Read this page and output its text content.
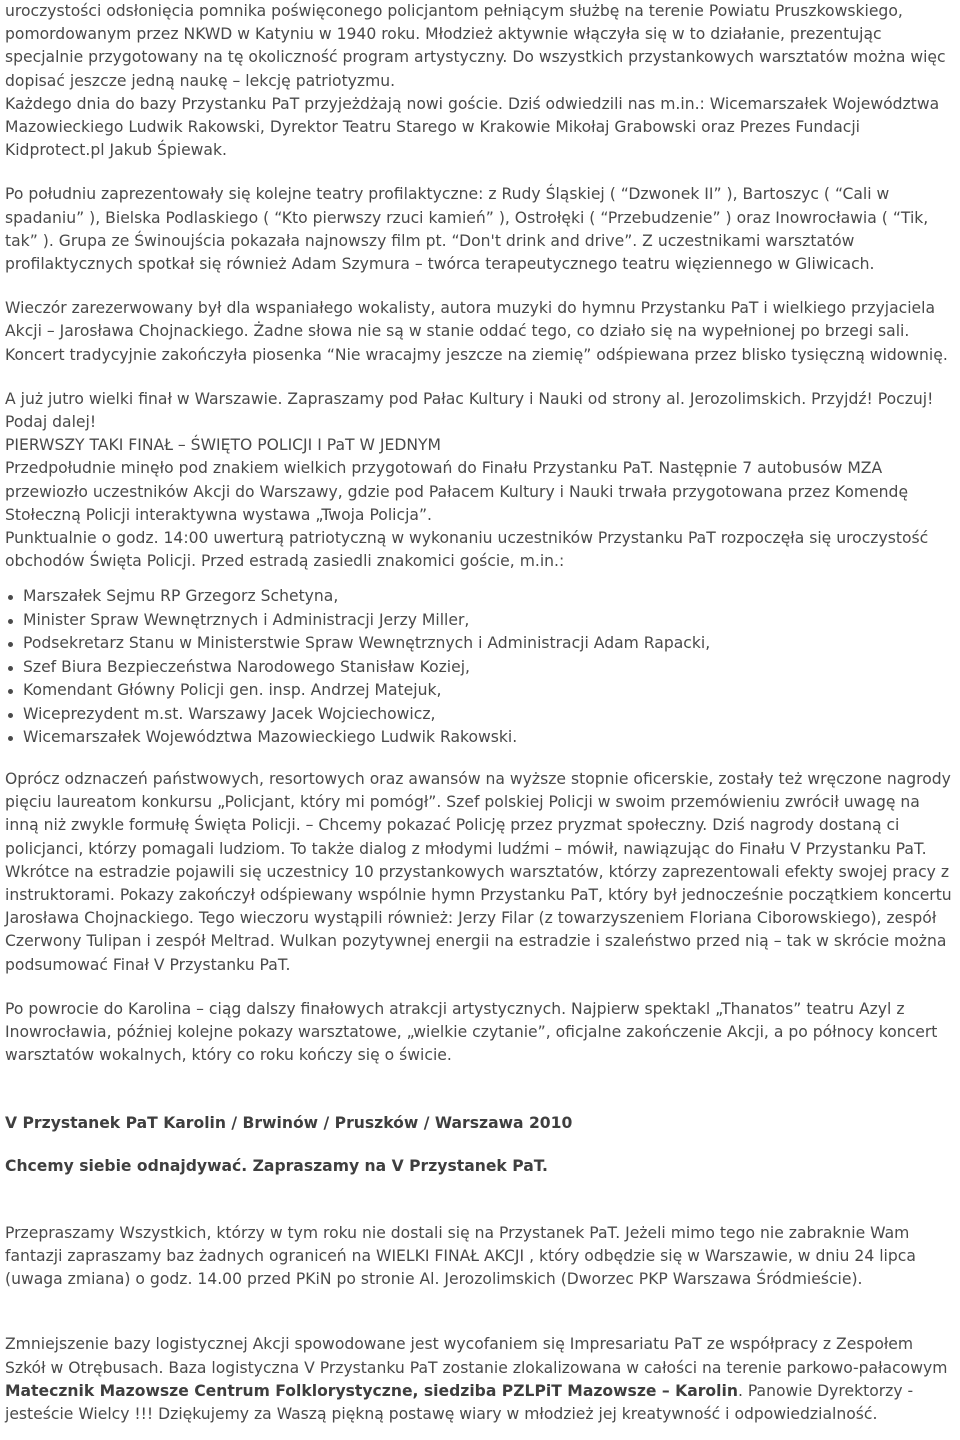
uroczystości odsłonięcia pomnika poświęconego policjantom pełniącym służbę na terenie Powiatu Pruszkowskiego, pomordowanym przez NKWD w Katyniu w 1940 roku. Młodzież aktywnie włączyła się w to działanie, prezentując specjalnie przygotowany na tę okoliczność program artystyczny. Do wszystkich przystankowych warsztatów można więc dopisać jeszcze jedną naukę – lekcję patriotyzmu.

Każdego dnia do bazy Przystanku PaT przyjeżdżają nowi goście. Dziś odwiedzili nas m.in.: Wicemarszałek Województwa Mazowieckiego Ludwik Rakowski, Dyrektor Teatru Starego w Krakowie Mikołaj Grabowski oraz Prezes Fundacji Kidprotect.pl Jakub Śpiewak.

Po południu zaprezentowały się kolejne teatry profilaktyczne: z Rudy Śląskiej ( “Dzwonek II” ), Bartoszyc ( “Cali w spadaniu” ), Bielska Podlaskiego ( “Kto pierwszy rzuci kamień” ), Ostrołęki ( “Przebudzenie” ) oraz Inowrocławia ( “Tik, tak” ). Grupa ze Świnoujścia pokazała najnowszy film pt. “Don't drink and drive”. Z uczestnikami warsztatów profilaktycznych spotkał się również Adam Szymura – twórca terapeutycznego teatru więziennego w Gliwicach.

Wieczór zarezerwowany był dla wspaniałego wokalisty, autora muzyki do hymnu Przystanku PaT i wielkiego przyjaciela Akcji – Jarosława Chojnackiego. Żadne słowa nie są w stanie oddać tego, co działo się na wypełnionej po brzegi sali. Koncert tradycyjnie zakończyła piosenka “Nie wracajmy jeszcze na ziemię” odśpiewana przez blisko tysięczną widownię.

A już jutro wielki finał w Warszawie. Zapraszamy pod Pałac Kultury i Nauki od strony al. Jerozolimskich. Przyjdź! Poczuj! Podaj dalej!

PIERWSZY TAKI FINAŁ – ŚWIĘTO POLICJI I PaT W JEDNYM

Przedpołudnie minęło pod znakiem wielkich przygotowań do Finału Przystanku PaT. Następnie 7 autobusów MZA przewiozło uczestników Akcji do Warszawy, gdzie pod Pałacem Kultury i Nauki trwała przygotowana przez Komendę Stołeczną Policji interaktywna wystawa „Twoja Policja”.

Punktualnie o godz. 14:00 uwerturą patriotyczną w wykonaniu uczestników Przystanku PaT rozpoczęła się uroczystość obchodów Święta Policji. Przed estradą zasiedli znakomici goście, m.in.:

Marszałek Sejmu RP Grzegorz Schetyna,
Minister Spraw Wewnętrznych i Administracji Jerzy Miller,
Podsekretarz Stanu w Ministerstwie Spraw Wewnętrznych i Administracji Adam Rapacki,
Szef Biura Bezpieczeństwa Narodowego Stanisław Koziej,
Komendant Główny Policji gen. insp. Andrzej Matejuk,
Wiceprezydent m.st. Warszawy Jacek Wojciechowicz,
Wicemarszałek Województwa Mazowieckiego Ludwik Rakowski.

Oprócz odznaczeń państwowych, resortowych oraz awansów na wyższe stopnie oficerskie, zostały też wręczone nagrody pięciu laureatom konkursu „Policjant, który mi pomógł”. Szef polskiej Policji w swoim przemówieniu zwrócił uwagę na inną niż zwykle formułę Święta Policji. – Chcemy pokazać Policję przez pryzmat społeczny. Dziś nagrody dostaną ci policjanci, którzy pomagali ludziom. To także dialog z młodymi ludźmi – mówił, nawiązując do Finału V Przystanku PaT. Wkrótce na estradzie pojawili się uczestnicy 10 przystankowych warsztatów, którzy zaprezentowali efekty swojej pracy z instruktorami. Pokazy zakończył odśpiewany wspólnie hymn Przystanku PaT, który był jednocześnie początkiem koncertu Jarosława Chojnackiego. Tego wieczoru wystąpili również: Jerzy Filar (z towarzyszeniem Floriana Ciborowskiego), zespół Czerwony Tulipan i zespół Meltrad. Wulkan pozytywnej energii na estradzie i szaleństwo przed nią – tak w skrócie można podsumować Finał V Przystanku PaT.

Po powrocie do Karolina – ciąg dalszy finałowych atrakcji artystycznych. Najpierw spektakl „Thanatos” teatru Azyl z Inowrocławia, później kolejne pokazy warsztatowe, „wielkie czytanie”, oficjalne zakończenie Akcji, a po północy koncert warsztatów wokalnych, który co roku kończy się o świcie.

V Przystanek PaT Karolin / Brwinów / Pruszków / Warszawa 2010

Chcemy siebie odnajdywać. Zapraszamy na V Przystanek PaT.

Przepraszamy Wszystkich, którzy w tym roku nie dostali się na Przystanek PaT. Jeżeli mimo tego nie zabraknie Wam fantazji zapraszamy baz żadnych ograniceń na WIELKI FINAŁ AKCJI , który odbędzie się w Warszawie, w dniu 24 lipca (uwaga zmiana) o godz. 14.00 przed PKiN po stronie Al. Jerozolimskich (Dworzec PKP Warszawa Śródmieście).

Zmniejszenie bazy logistycznej Akcji spowodowane jest wycofaniem się Impresariatu PaT ze współpracy z Zespołem Szkół w Otrębusach. Baza logistyczna V Przystanku PaT zostanie zlokalizowana w całości na terenie parkowo-pałacowym Matecznik Mazowsze Centrum Folklorystyczne, siedziba PZLPiT Mazowsze – Karolin. Panowie Dyrektorzy - jesteście Wielcy !!! Dziękujemy za Waszą piękną postawę wiary w młodzież jej kreatywność i odpowiedzialność.
